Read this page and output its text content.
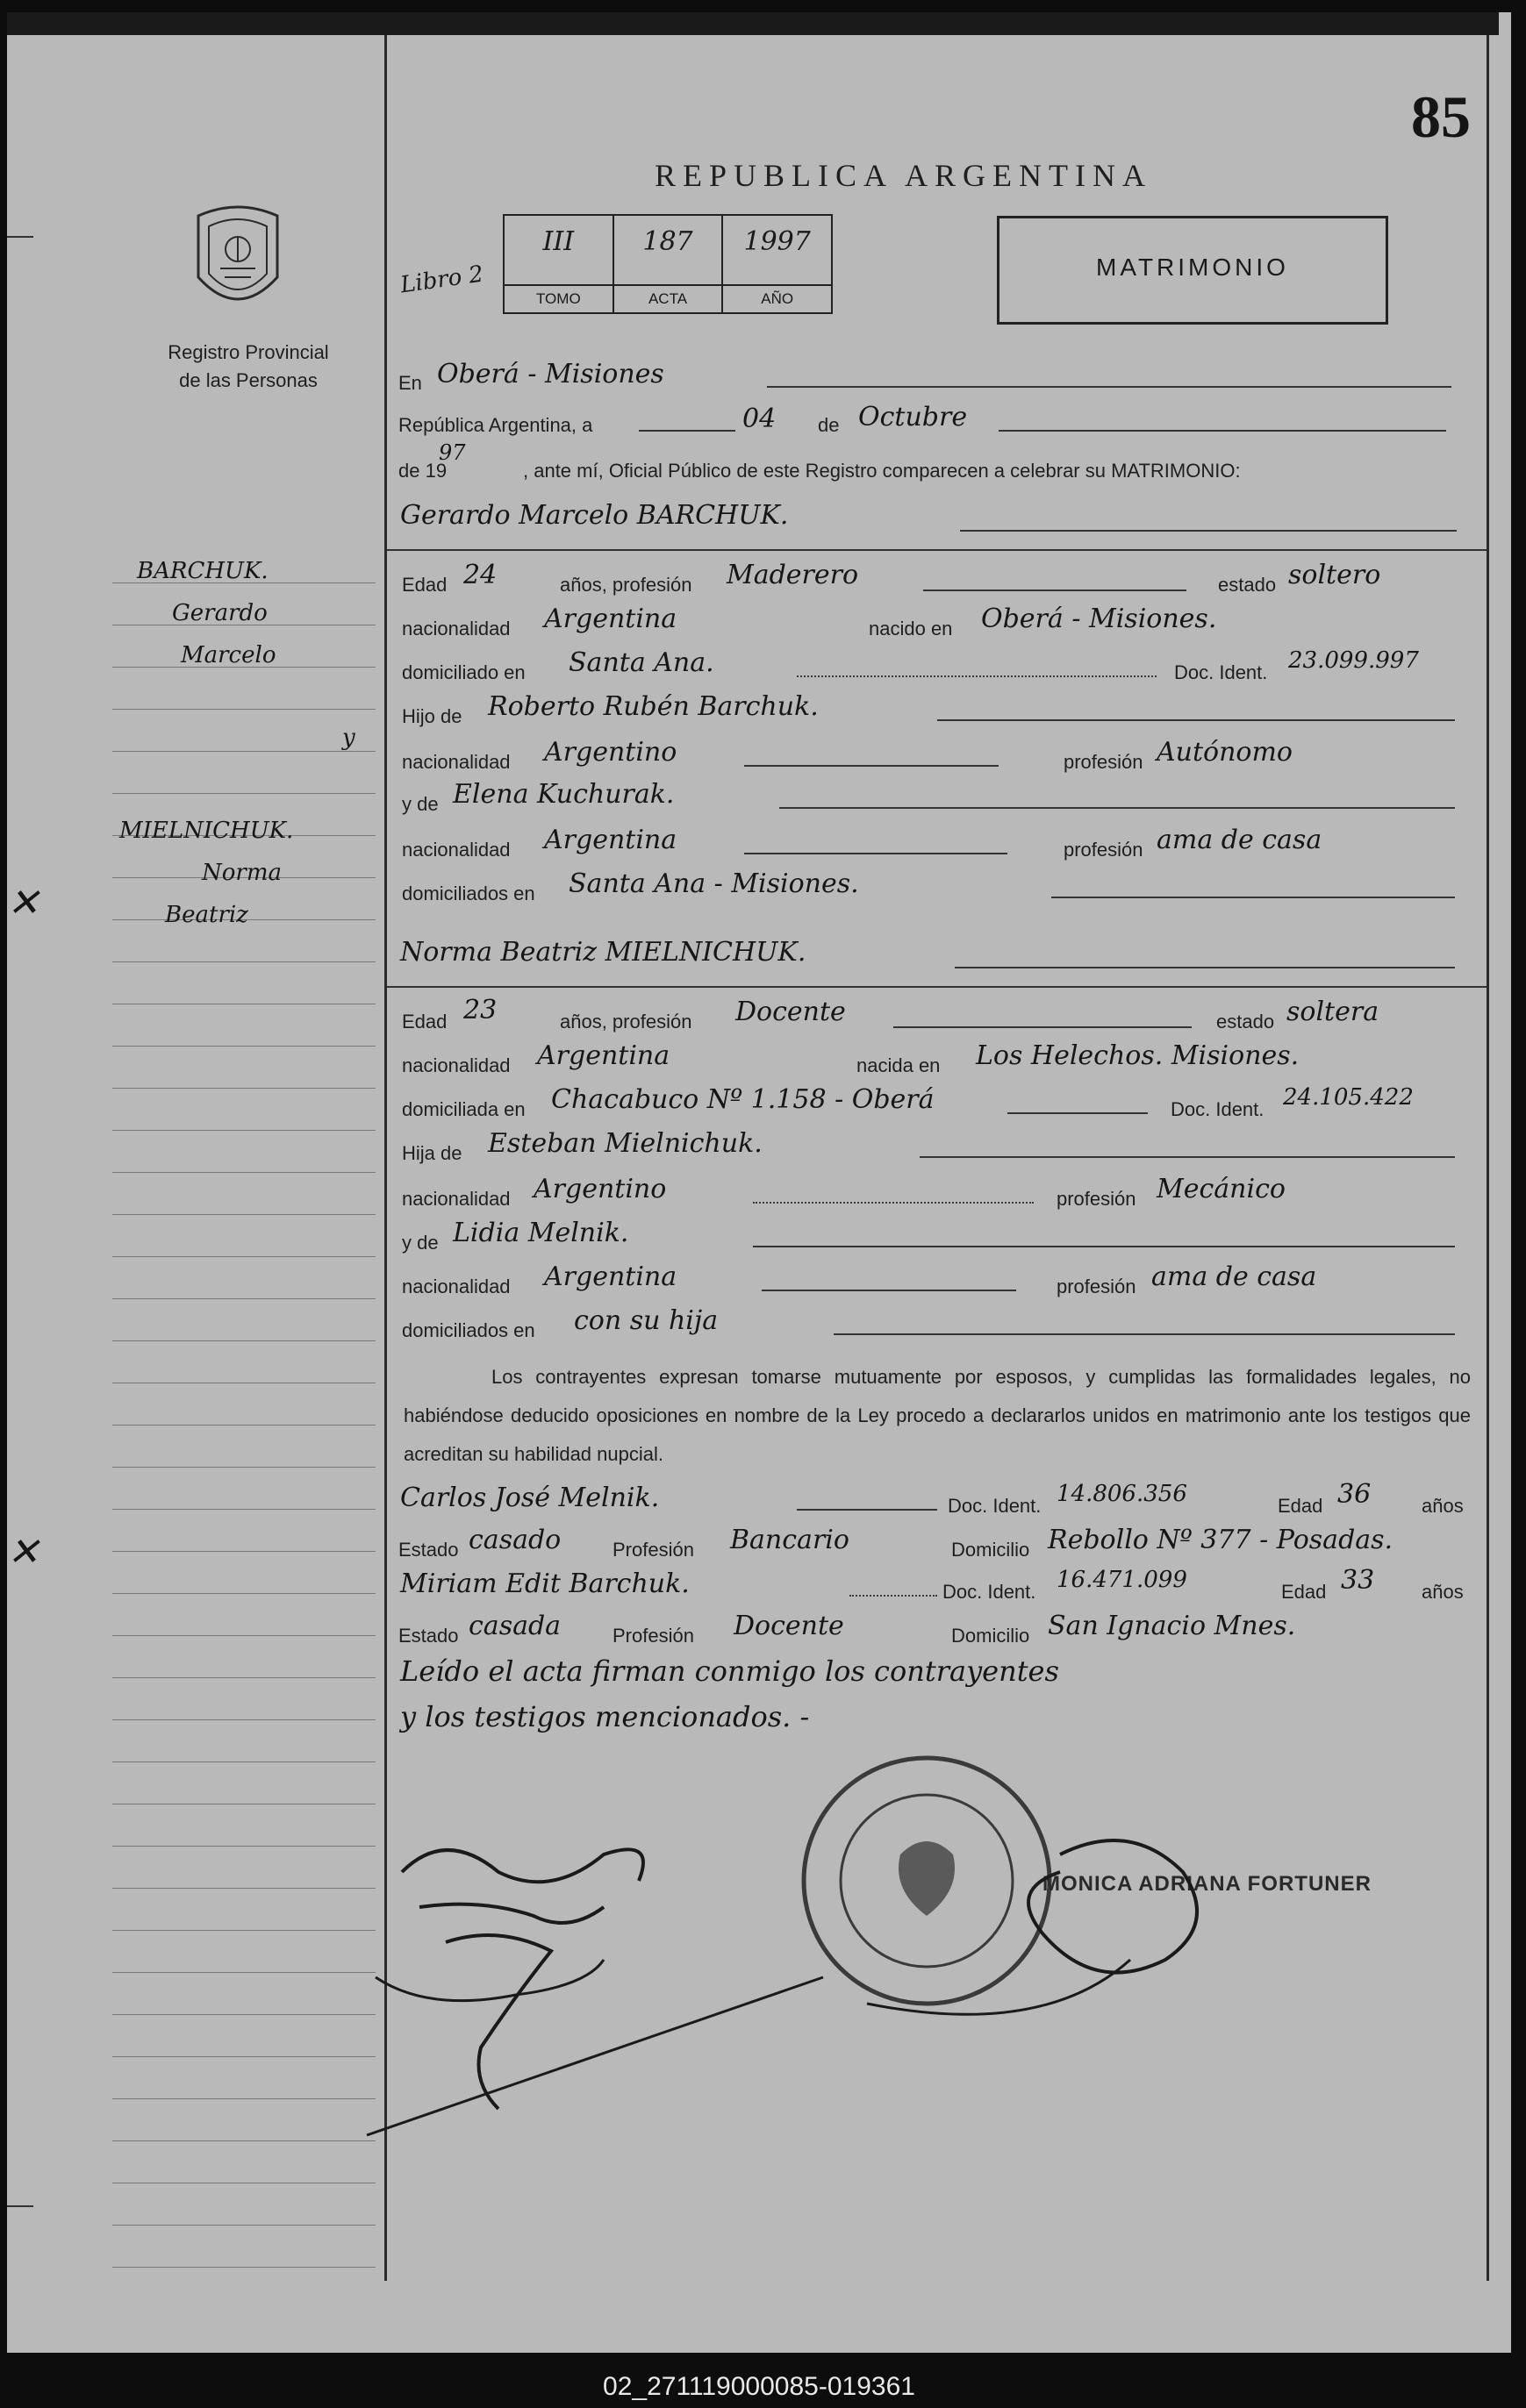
✕
✕
85
REPUBLICA ARGENTINA
Registro Provincial
de las Personas
Libro 2
III
TOMO
187
ACTA
1997
AÑO
MATRIMONIO
BARCHUK.
Gerardo
Marcelo
y
MIELNICHUK.
Norma
Beatriz
En Oberá - Misiones
República Argentina, a	04 de Octubre
de 19
97
, ante mí, Oficial Público de este Registro comparecen a celebrar su MATRIMONIO:
Gerardo Marcelo BARCHUK.
Edad 24	años, profesión Maderero	estado soltero
nacionalidad Argentina	nacido en Oberá - Misiones.
domiciliado en Santa Ana.	Doc. Ident. 23.099.997
Hijo de Roberto Rubén Barchuk.
nacionalidad Argentino	profesión Autónomo
y de Elena Kuchurak.
nacionalidad Argentina	profesión ama de casa
domiciliados en Santa Ana - Misiones.
Norma Beatriz MIELNICHUK.
Edad 23	años, profesión Docente	estado soltera
nacionalidad Argentina	nacida en Los Helechos. Misiones.
domiciliada en Chacabuco Nº 1.158 - Oberá	Doc. Ident. 24.105.422
Hija de Esteban Mielnichuk.
nacionalidad Argentino	profesión Mecánico
y de Lidia Melnik.
nacionalidad Argentina	profesión ama de casa
domiciliados en con su hija
Los contrayentes expresan tomarse mutuamente por esposos, y cumplidas las formalidades legales, no habiéndose deducido oposiciones en nombre de la Ley procedo a declararlos unidos en matrimonio ante los testigos que acreditan su habilidad nupcial.
Carlos José Melnik.	Doc. Ident. 14.806.356	Edad 36	años
Estado casado	Profesión Bancario	Domicilio Rebollo Nº 377 - Posadas.
Miriam Edit Barchuk.	Doc. Ident. 16.471.099	Edad 33 años
Estado casada	Profesión Docente	Domicilio San Ignacio Mnes.
Leído el acta firman conmigo los contrayentes
y los testigos mencionados. -
MONICA ADRIANA FORTUNER
02_271119000085-019361
